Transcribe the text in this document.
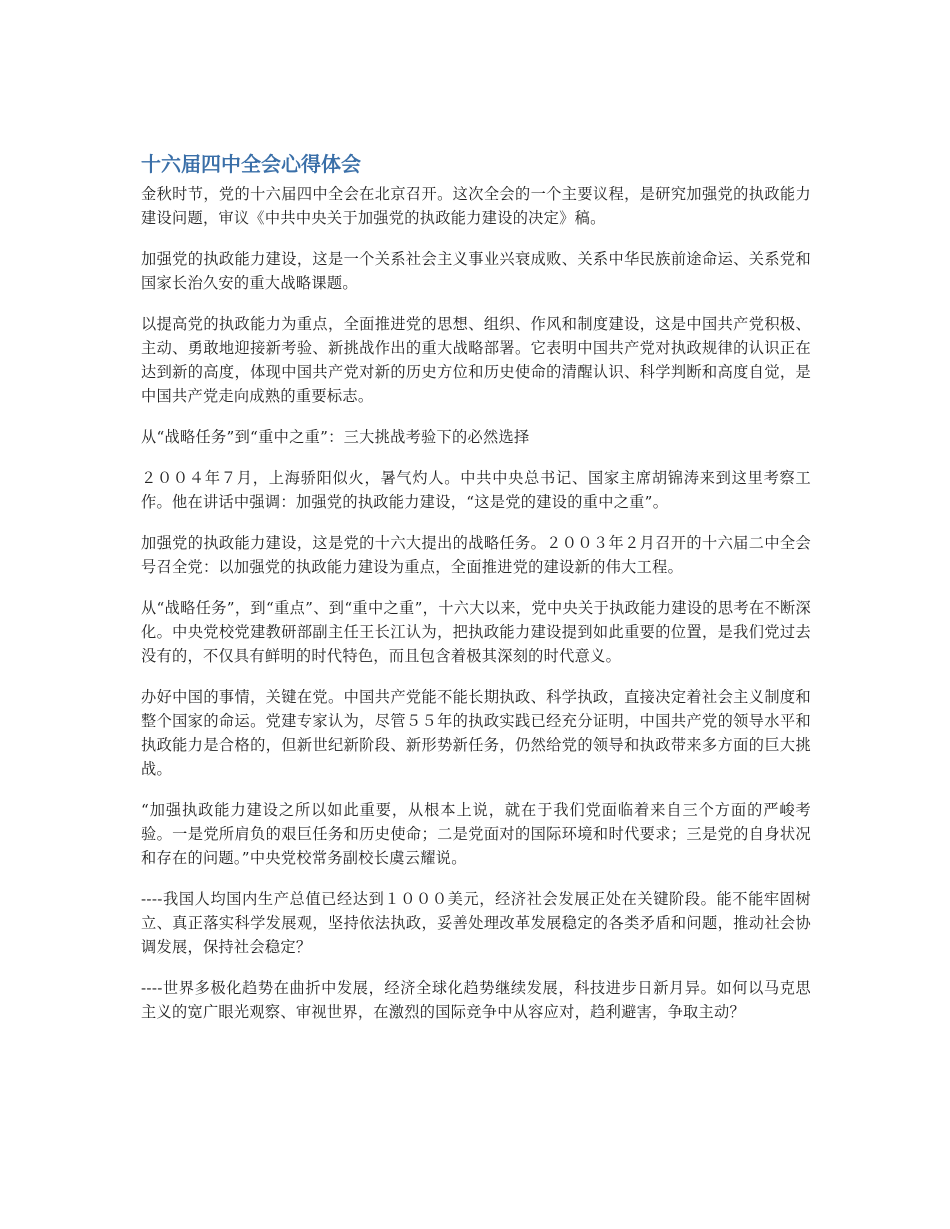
十六届四中全会心得体会

金秋时节，党的十六届四中全会在北京召开。这次全会的一个主要议程，是研究加强党的执政能力建设问题，审议《中共中央关于加强党的执政能力建设的决定》稿。

加强党的执政能力建设，这是一个关系社会主义事业兴衰成败、关系中华民族前途命运、关系党和国家长治久安的重大战略课题。

以提高党的执政能力为重点，全面推进党的思想、组织、作风和制度建设，这是中国共产党积极、主动、勇敢地迎接新考验、新挑战作出的重大战略部署。它表明中国共产党对执政规律的认识正在达到新的高度，体现中国共产党对新的历史方位和历史使命的清醒认识、科学判断和高度自觉，是中国共产党走向成熟的重要标志。

从“战略任务”到“重中之重”：三大挑战考验下的必然选择

２００４年７月，上海骄阳似火，暑气灼人。中共中央总书记、国家主席胡锦涛来到这里考察工作。他在讲话中强调：加强党的执政能力建设，“这是党的建设的重中之重”。

加强党的执政能力建设，这是党的十六大提出的战略任务。２００３年２月召开的十六届二中全会号召全党：以加强党的执政能力建设为重点，全面推进党的建设新的伟大工程。

从“战略任务”，到“重点”、到“重中之重”，十六大以来，党中央关于执政能力建设的思考在不断深化。中央党校党建教研部副主任王长江认为，把执政能力建设提到如此重要的位置，是我们党过去没有的，不仅具有鲜明的时代特色，而且包含着极其深刻的时代意义。

办好中国的事情，关键在党。中国共产党能不能长期执政、科学执政，直接决定着社会主义制度和整个国家的命运。党建专家认为，尽管５５年的执政实践已经充分证明，中国共产党的领导水平和执政能力是合格的，但新世纪新阶段、新形势新任务，仍然给党的领导和执政带来多方面的巨大挑战。

“加强执政能力建设之所以如此重要，从根本上说，就在于我们党面临着来自三个方面的严峻考验。一是党所肩负的艰巨任务和历史使命；二是党面对的国际环境和时代要求；三是党的自身状况和存在的问题。”中央党校常务副校长虞云耀说。

----我国人均国内生产总值已经达到１０００美元，经济社会发展正处在关键阶段。能不能牢固树立、真正落实科学发展观，坚持依法执政，妥善处理改革发展稳定的各类矛盾和问题，推动社会协调发展，保持社会稳定？

----世界多极化趋势在曲折中发展，经济全球化趋势继续发展，科技进步日新月异。如何以马克思主义的宽广眼光观察、审视世界，在激烈的国际竞争中从容应对，趋利避害，争取主动？
